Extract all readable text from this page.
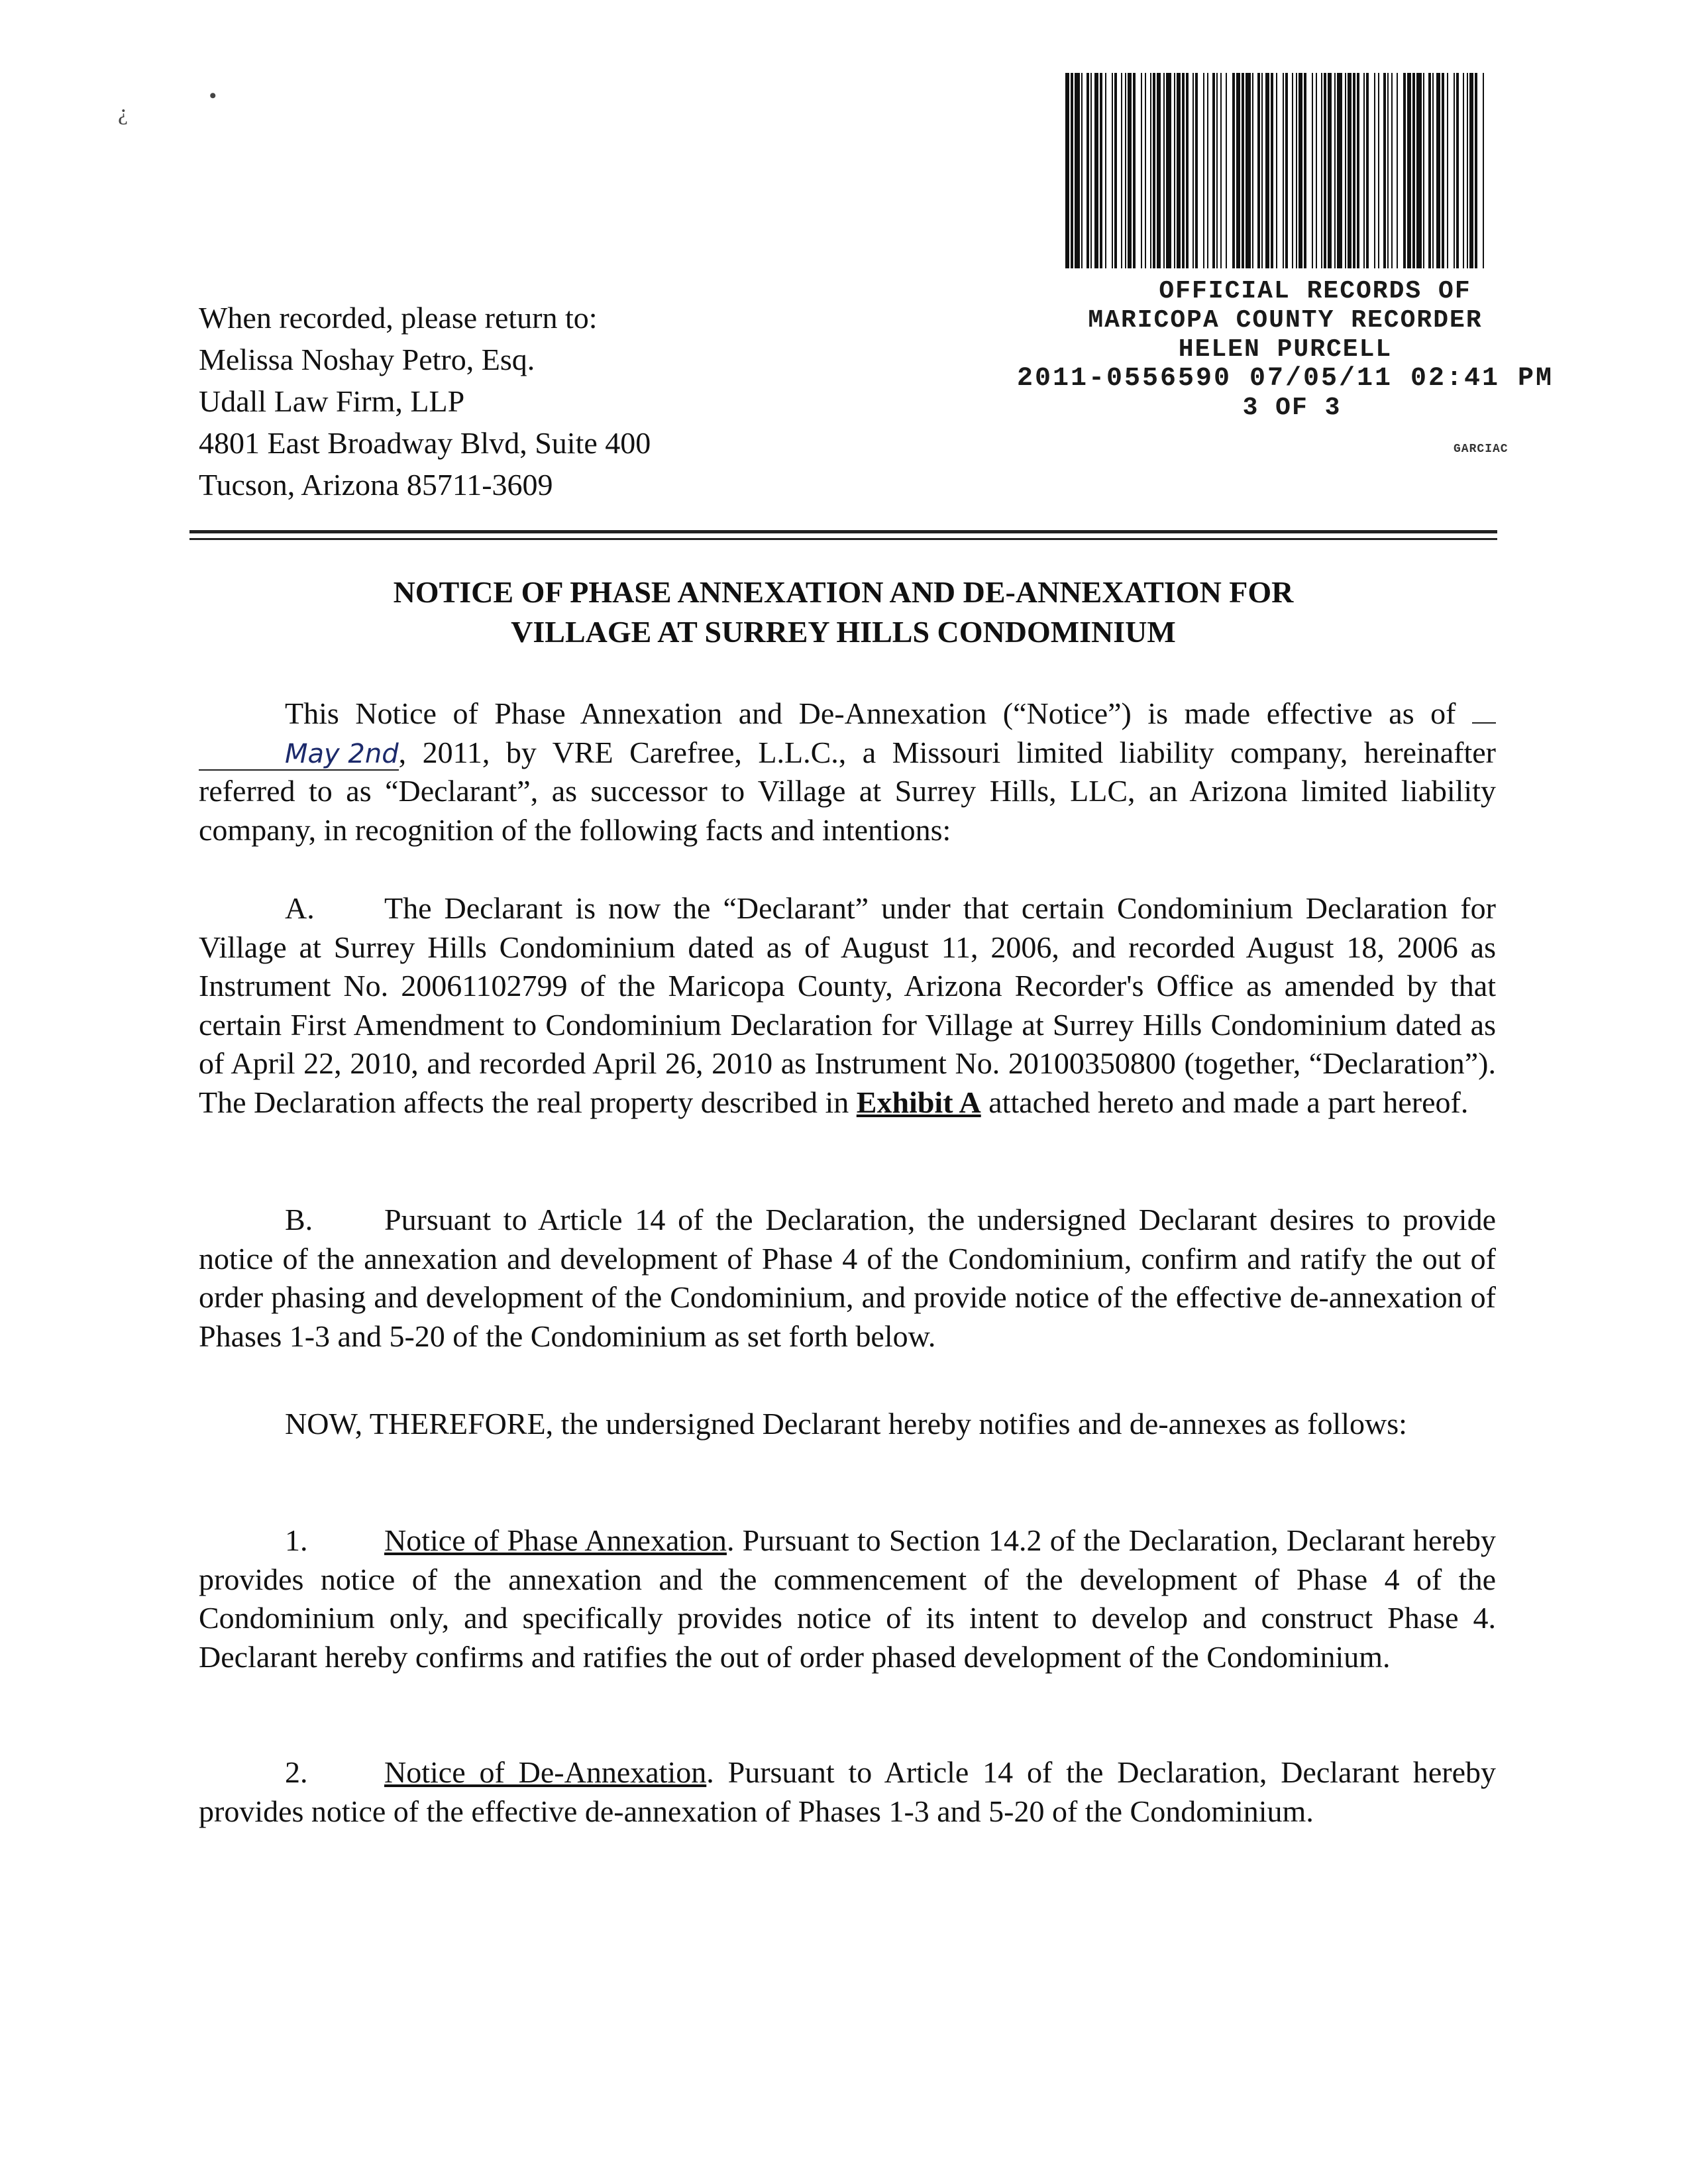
¿
•
OFFICIAL RECORDS OF
MARICOPA COUNTY RECORDER
HELEN PURCELL
2011-0556590 07/05/11 02:41 PM
3 OF 3
GARCIAC
When recorded, please return to:
Melissa Noshay Petro, Esq.
Udall Law Firm, LLP
4801 East Broadway Blvd, Suite 400
Tucson, Arizona 85711-3609
NOTICE OF PHASE ANNEXATION AND DE-ANNEXATION FOR
VILLAGE AT SURREY HILLS CONDOMINIUM
This Notice of Phase Annexation and De-Annexation (“Notice”) is made effective as of  May 2nd, 2011, by VRE Carefree, L.L.C., a Missouri limited liability company, hereinafter referred to as “Declarant”, as successor to Village at Surrey Hills, LLC, an Arizona limited liability company, in recognition of the following facts and intentions:
A. The Declarant is now the “Declarant” under that certain Condominium Declaration for Village at Surrey Hills Condominium dated as of August 11, 2006, and recorded August 18, 2006 as Instrument No. 20061102799 of the Maricopa County, Arizona Recorder's Office as amended by that certain First Amendment to Condominium Declaration for Village at Surrey Hills Condominium dated as of April 22, 2010, and recorded April 26, 2010 as Instrument No. 20100350800 (together, “Declaration”). The Declaration affects the real property described in Exhibit A attached hereto and made a part hereof.
B. Pursuant to Article 14 of the Declaration, the undersigned Declarant desires to provide notice of the annexation and development of Phase 4 of the Condominium, confirm and ratify the out of order phasing and development of the Condominium, and provide notice of the effective de-annexation of Phases 1-3 and 5-20 of the Condominium as set forth below.
NOW, THEREFORE, the undersigned Declarant hereby notifies and de-annexes as follows:
1.	Notice of Phase Annexation. Pursuant to Section 14.2 of the Declaration, Declarant hereby provides notice of the annexation and the commencement of the development of Phase 4 of the Condominium only, and specifically provides notice of its intent to develop and construct Phase 4. Declarant hereby confirms and ratifies the out of order phased development of the Condominium.
2.	Notice of De-Annexation. Pursuant to Article 14 of the Declaration, Declarant hereby provides notice of the effective de-annexation of Phases 1-3 and 5-20 of the Condominium.
